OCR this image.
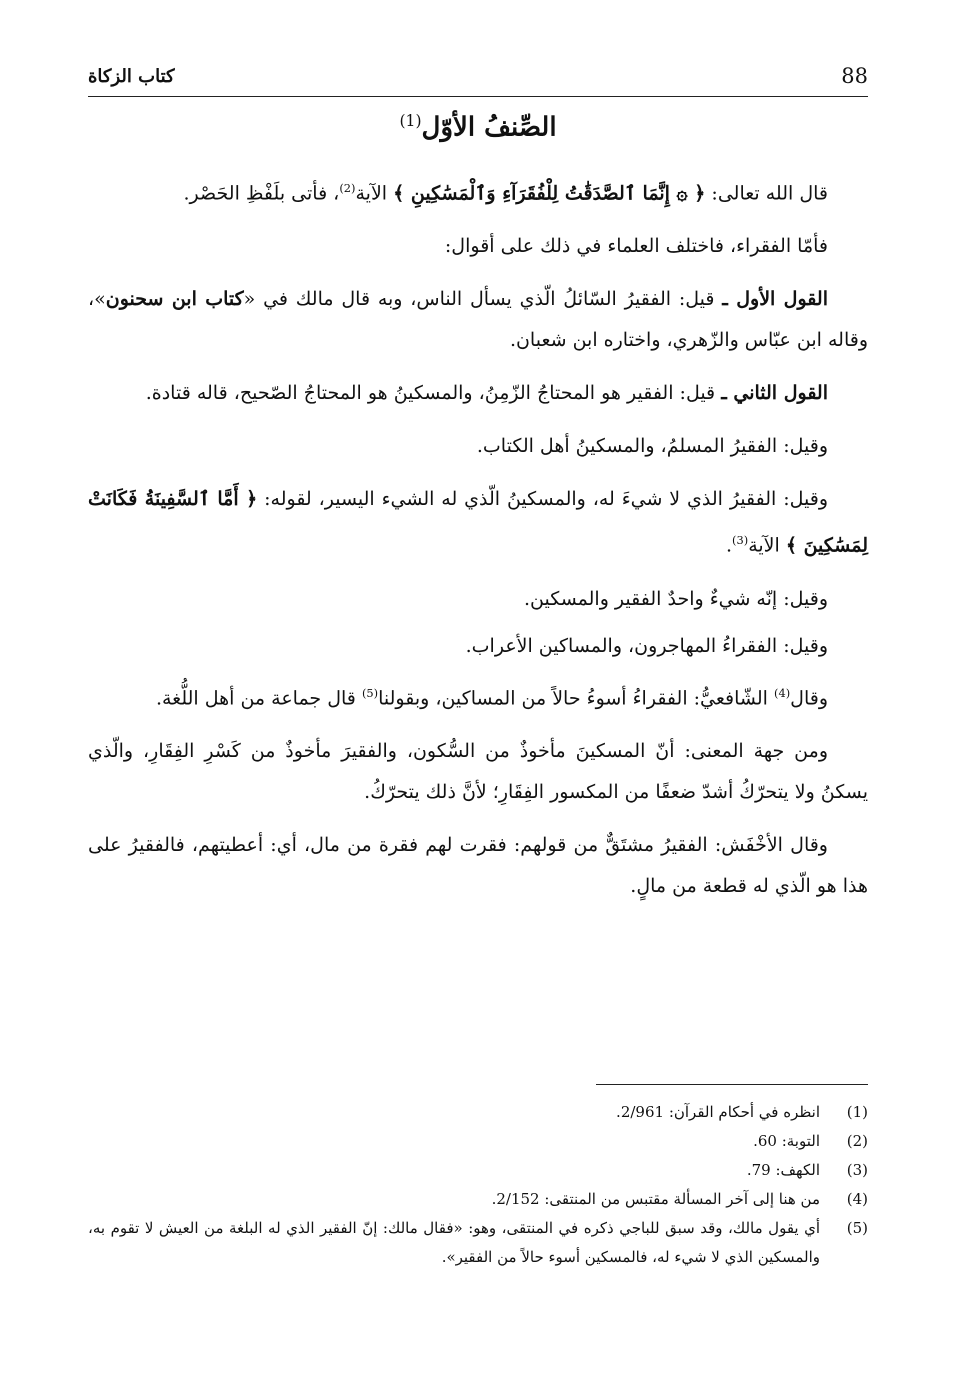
88
كتاب الزكاة
الصِّنفُ الأوّل$^{(1)}$

قال الله تعالى: ﴿ ۞ إِنَّمَا ٱلصَّدَقَٰتُ لِلْفُقَرَآءِ وَٱلْمَسَٰكِينِ ﴾ الآية$^{(2)}$، فأتى بلَفْظِ الحَصْر.

فأمّا الفقراء، فاختلف العلماء في ذلك على أقوال:

القول الأول ـ قيل: الفقيرُ السّائلُ الّذي يسأل الناس، وبه قال مالك في «كتاب ابن سحنون»، وقاله ابن عبّاس والزّهري، واختاره ابن شعبان.

القول الثاني ـ قيل: الفقير هو المحتاجُ الزّمِنُ، والمسكينُ هو المحتاجُ الصّحيح، قاله قتادة.

وقيل: الفقيرُ المسلمُ، والمسكينُ أهل الكتاب.

وقيل: الفقيرُ الذي لا شيءَ له، والمسكينُ الّذي له الشيء اليسير، لقوله: ﴿ أَمَّا ٱلسَّفِينَةُ فَكَانَتْ لِمَسَٰكِينَ ﴾ الآية$^{(3)}$.

وقيل: إنّه شيءٌ واحدٌ الفقير والمسكين.

وقيل: الفقراءُ المهاجرون، والمساكين الأعراب.

وقال$^{(4)}$ الشّافعيُّ: الفقراءُ أسوءُ حالاً من المساكين، وبقولنا$^{(5)}$ قال جماعة من أهل اللُّغة.

ومن جهة المعنى: أنّ المسكينَ مأخوذٌ من السُّكون، والفقيرَ مأخوذٌ من كَسْرِ الفِقَارِ، والّذي يسكنُ ولا يتحرّكُ أشدّ ضعفًا من المكسور الفِقَارِ؛ لأنَّ ذلك يتحرّكُ.

وقال الأخْفَش: الفقيرُ مشتَقٌّ من قولهم: فقرت لهم فقرة من مال، أي: أعطيتهم، فالفقيرُ على هذا هو الّذي له قطعة من مالٍ.

(1)
انظره في أحكام القرآن: 2/961.
(2)
التوبة: 60.
(3)
الكهف: 79.
(4)
من هنا إلى آخر المسألة مقتبس من المنتقى: 2/152.
(5)
أي يقول مالك، وقد سبق للباجي ذكره في المنتقى، وهو: «فقال مالك: إنّ الفقير الذي له البلغة من العيش لا تقوم به، والمسكين الذي لا شيء له، فالمسكين أسوء حالاً من الفقير».
